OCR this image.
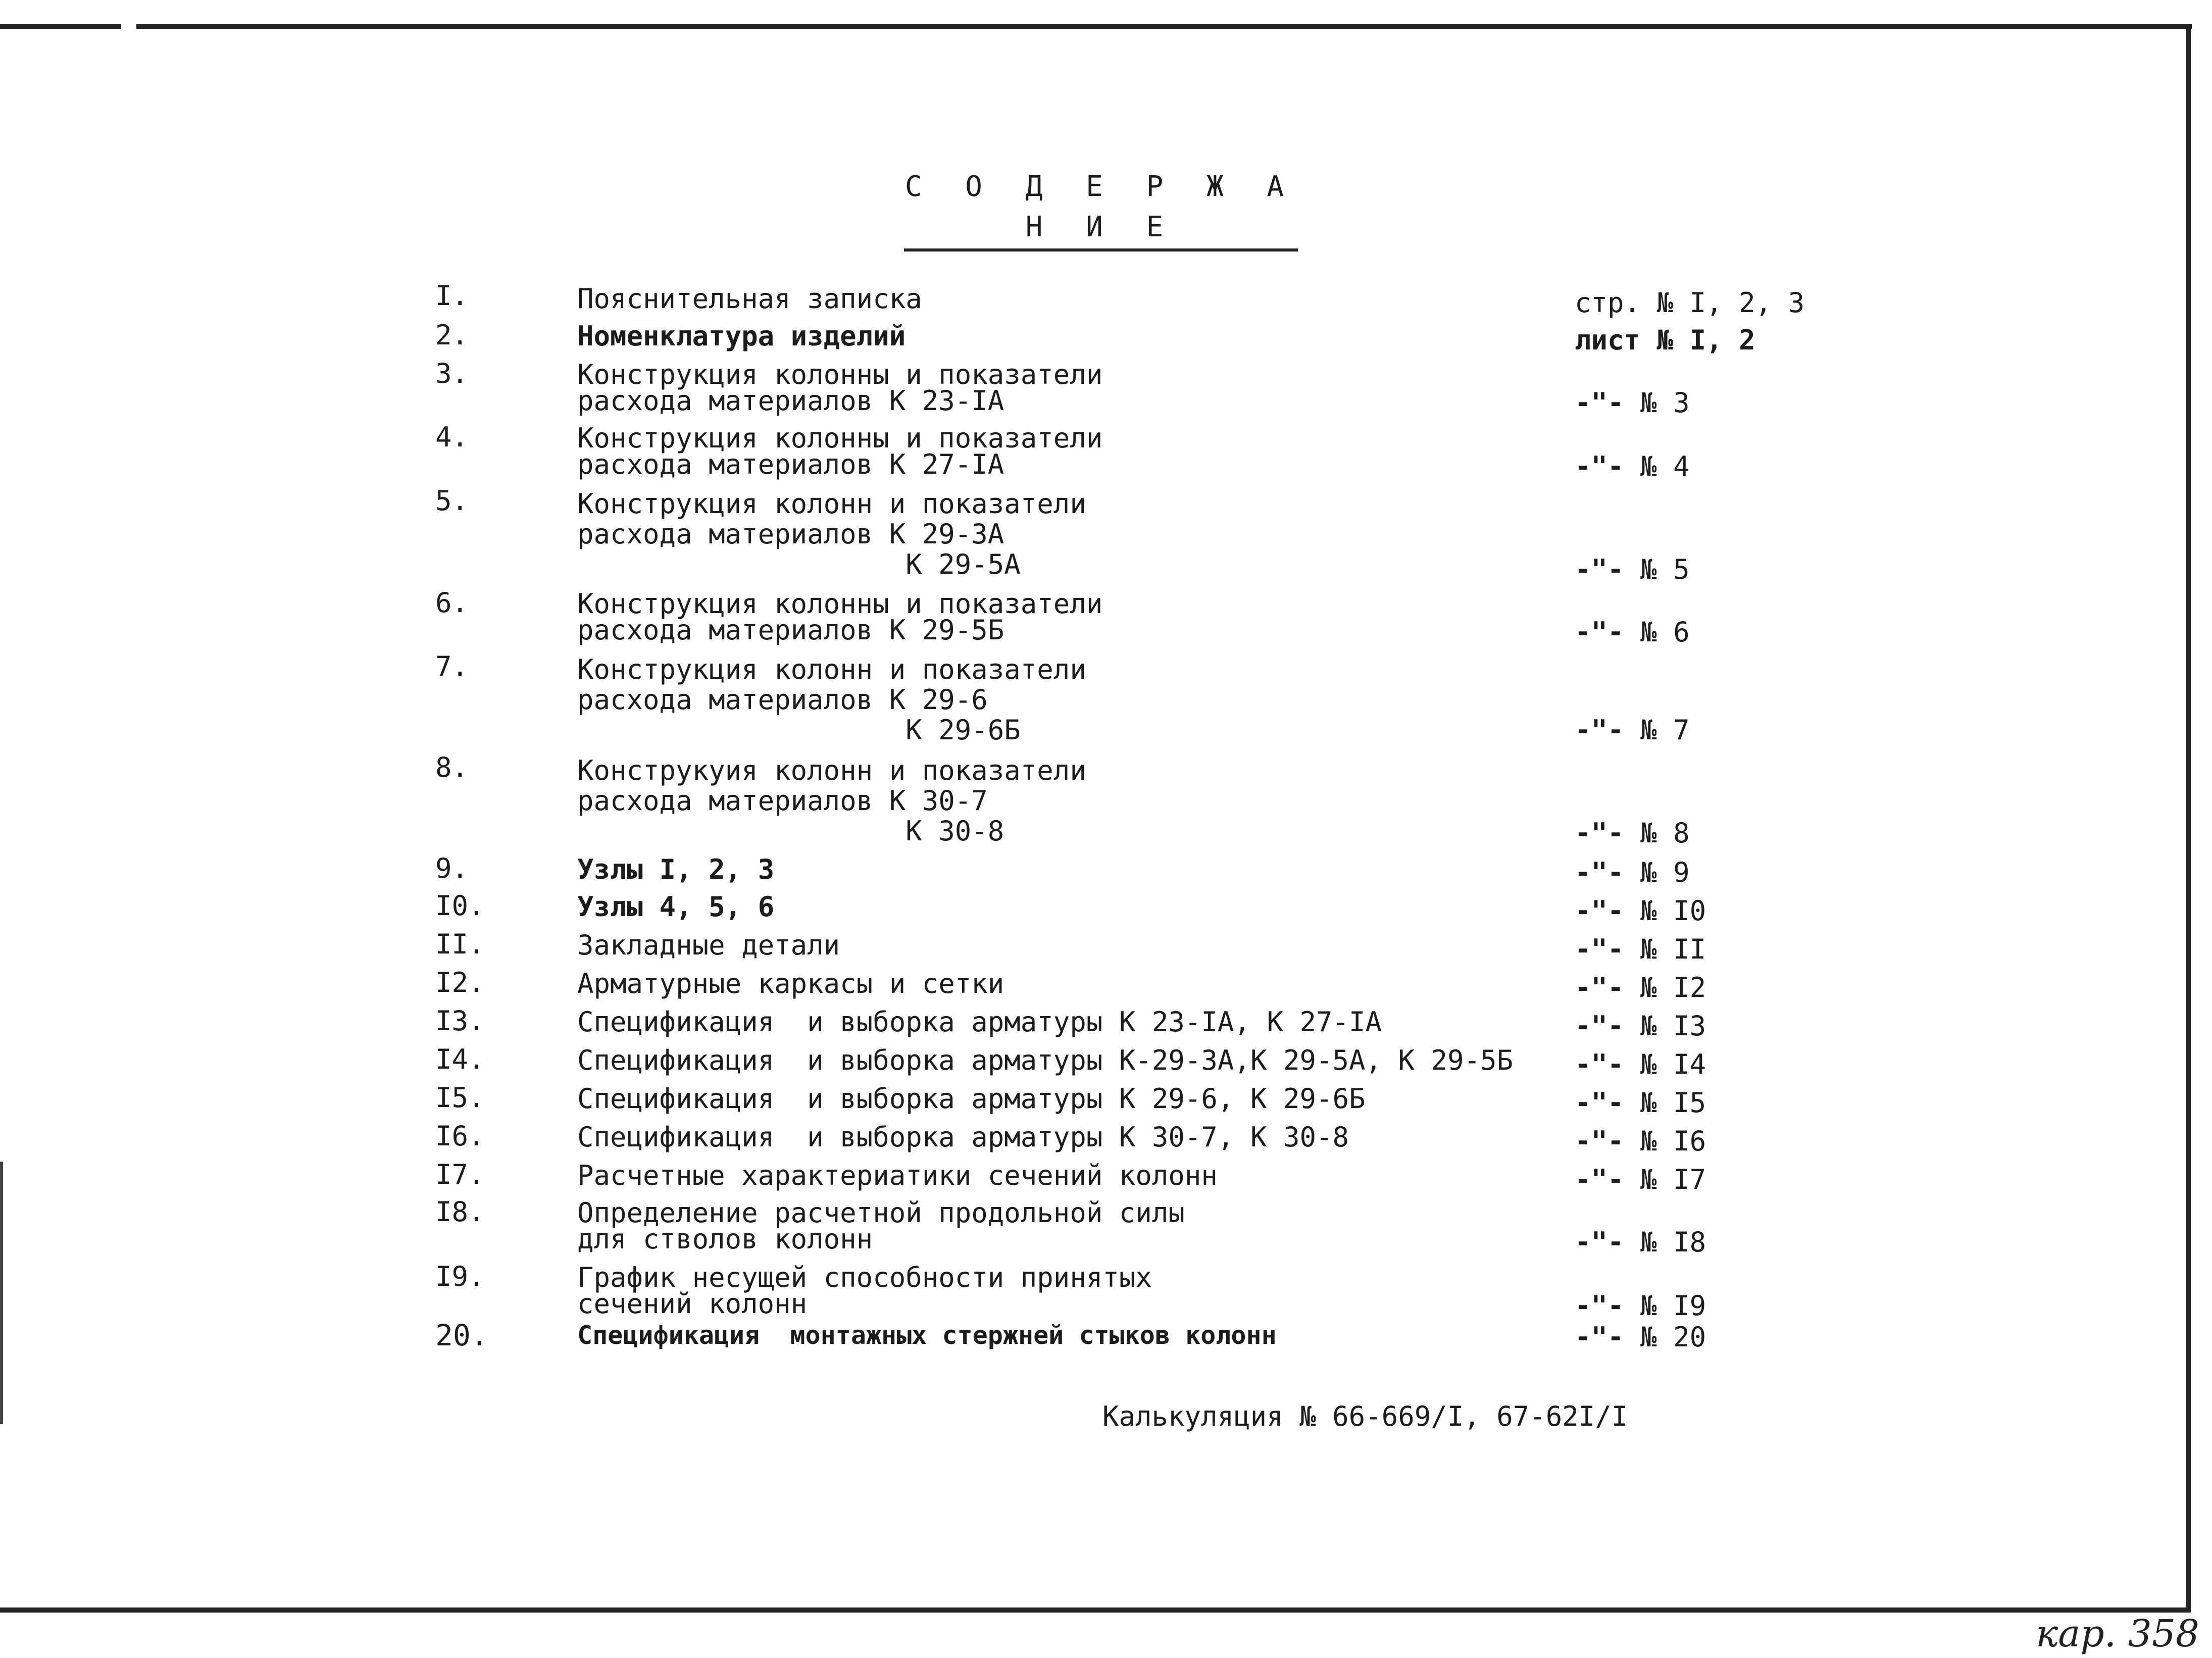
С О Д Е Р Ж А Н И Е
I.	Пояснительная записка	стр. № I, 2, 3
2.	Номенклатура изделий	лист № I, 2
3.	Конструкция колонны и показатели
расхода материалов К 23-IА	-"- № 3
4.	Конструкция колонны и показатели
расхода материалов К 27-IА	-"- № 4
5.	Конструкция колонн и показатели
расхода материалов К 29-3А
К 29-5А	-"- № 5
6.	Конструкция колонны и показатели
расхода материалов К 29-5Б	-"- № 6
7.	Конструкция колонн и показатели
расхода материалов К 29-6
К 29-6Б	-"- № 7
8.	Конструкуия колонн и показатели
расхода материалов К 30-7
К 30-8	-"- № 8
9.	Узлы I, 2, 3	-"- № 9
I0.	Узлы 4, 5, 6	-"- № I0
II.	Закладные детали	-"- № II
I2.	Арматурные каркасы и сетки	-"- № I2
I3.	Спецификация  и выборка арматуры К 23-IА, К 27-IА	-"- № I3
I4.	Спецификация  и выборка арматуры К-29-3А,К 29-5А, К 29-5Б -"- № I4
I5.	Спецификация  и выборка арматуры К 29-6, К 29-6Б	-"- № I5
I6.	Спецификация  и выборка арматуры К 30-7, К 30-8	-"- № I6
I7.	Расчетные характериатики сечений колонн	-"- № I7
I8.	Определение расчетной продольной силы
для стволов колонн	-"- № I8
I9.	График несущей способности принятых
сечений колонн	-"- № I9
20.	Спецификация  монтажных стержней стыков колонн	-"- № 20
Калькуляция № 66-669/I, 67-62I/I
кар. 358
